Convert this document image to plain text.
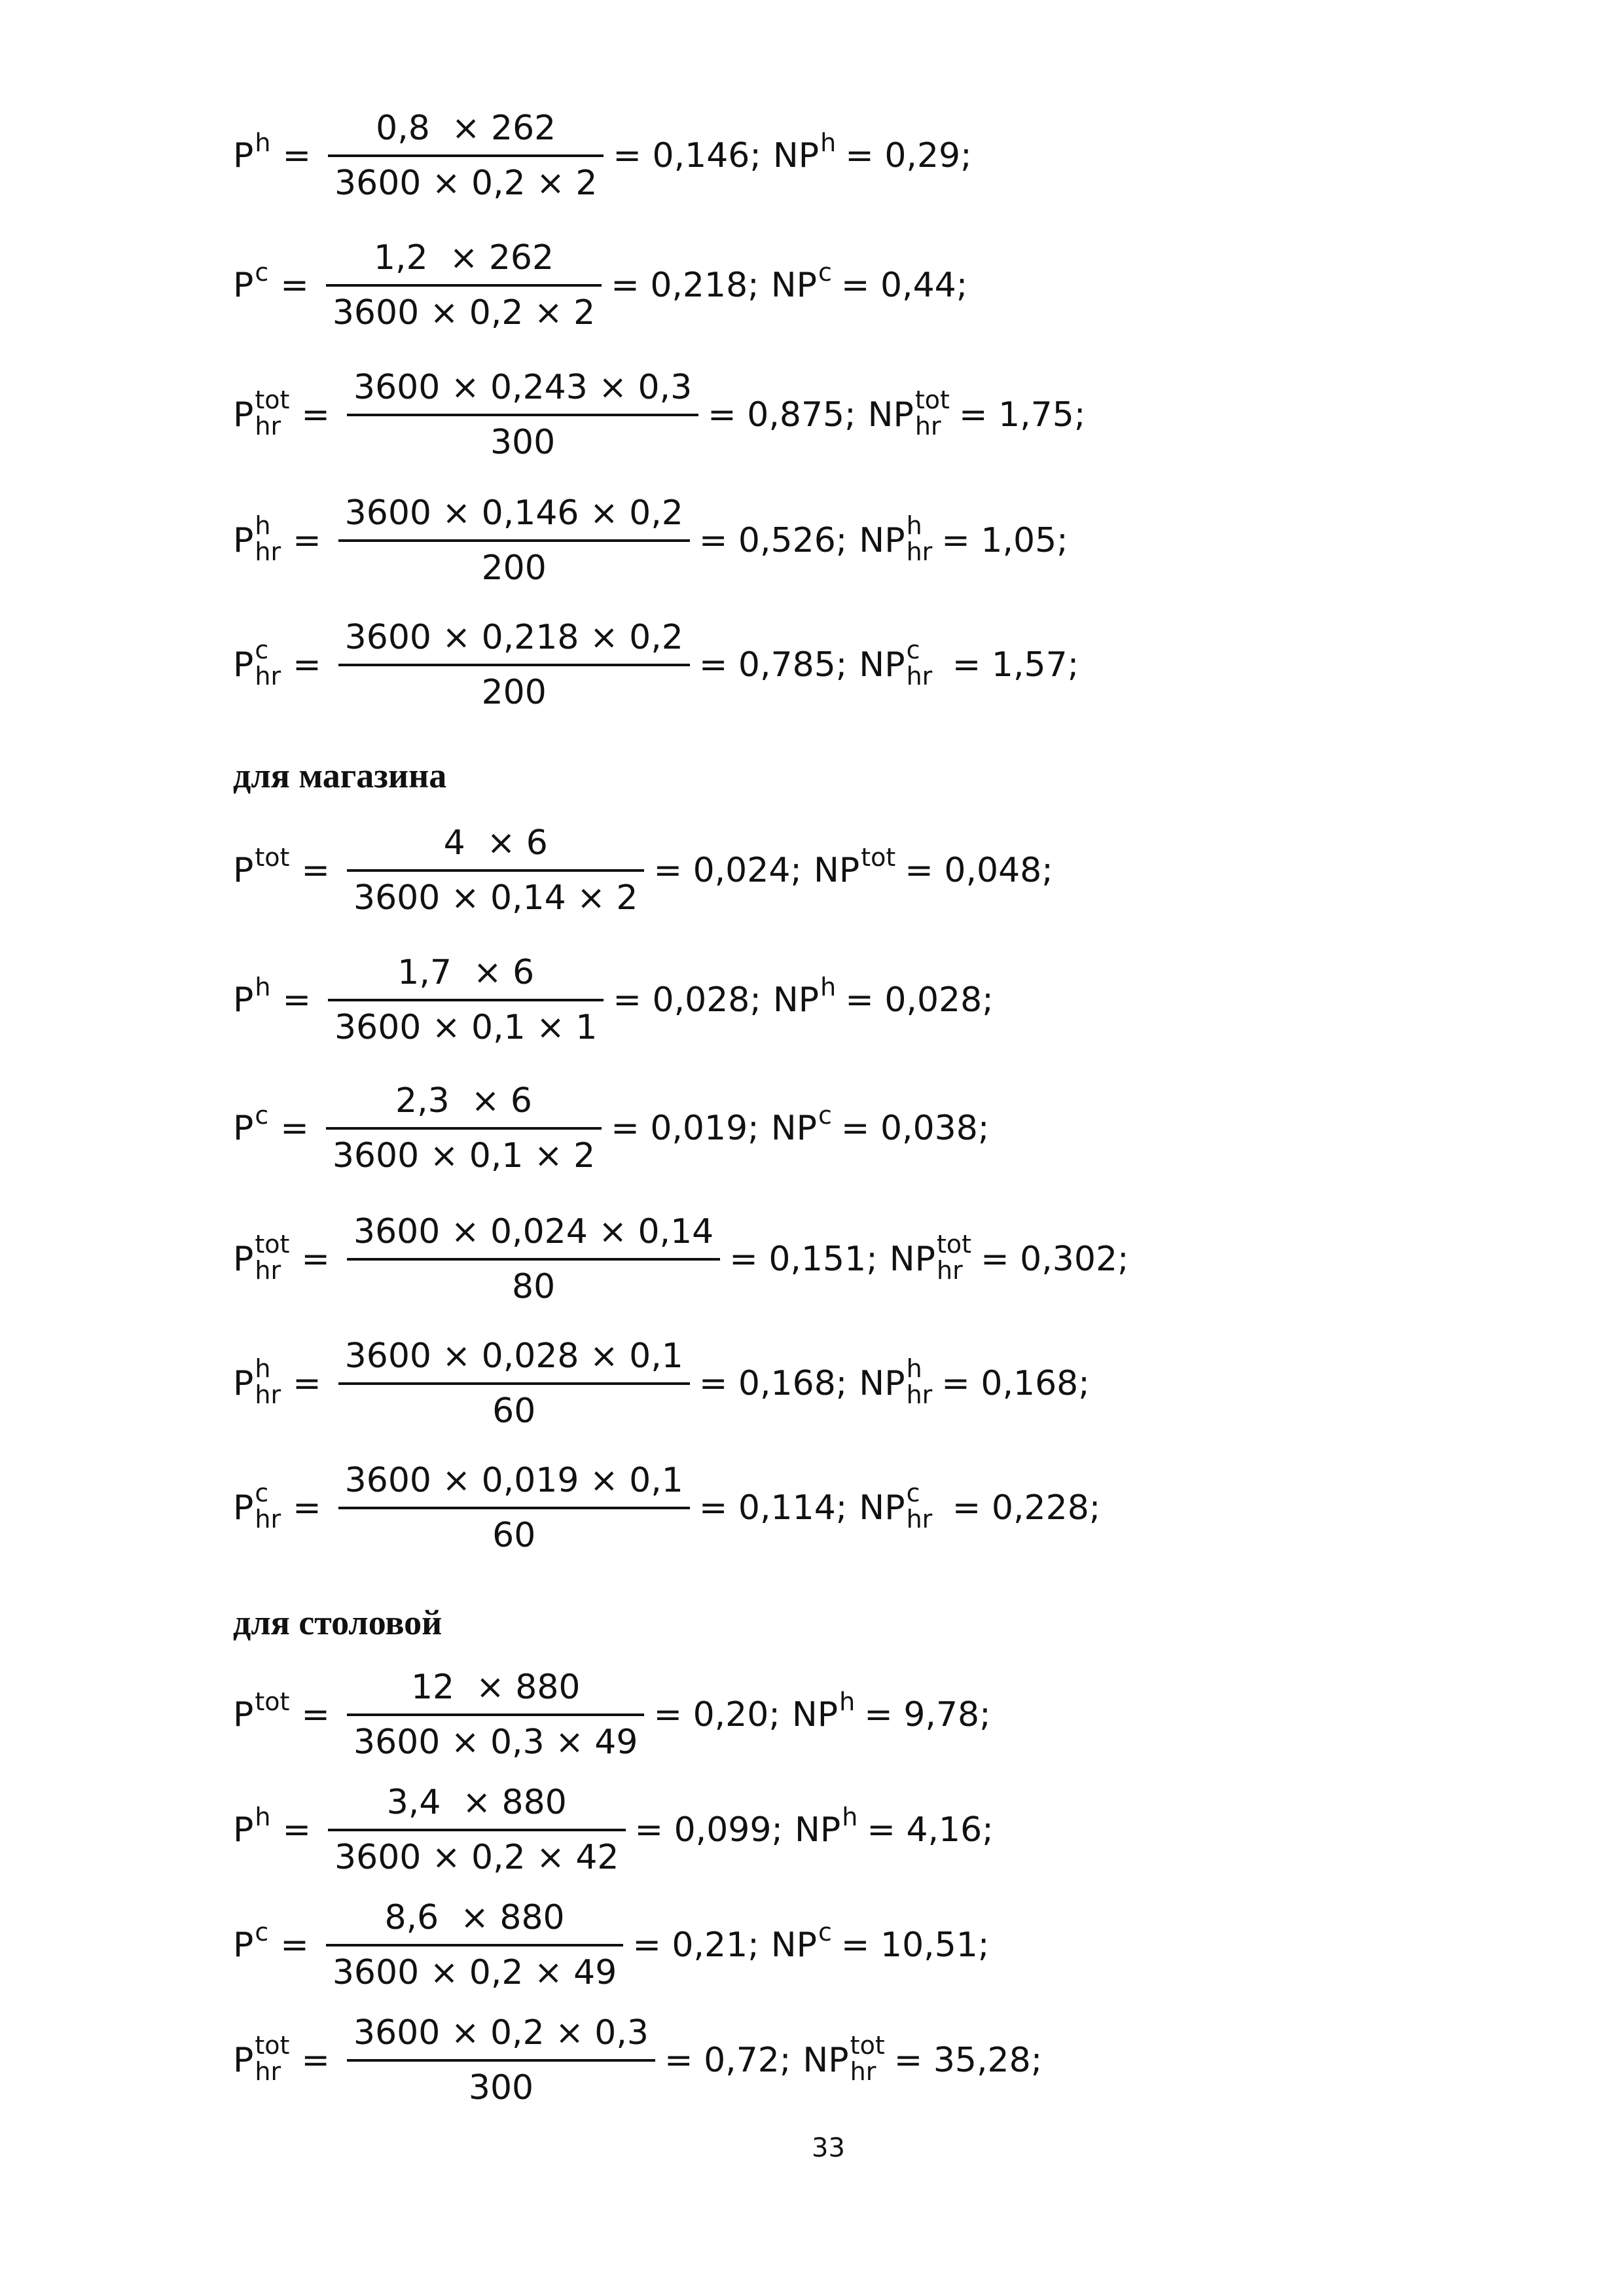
P $h = \frac{0,8 \times 262}{3600 \times 0,2 \times 2} = 0,146$; NP h = 0,29;
P $c = \frac{1,2 \times 262}{3600 \times 0,2 \times 2} = 0,218$; NP c = 0,44;
P tot
hr = $\frac{3600 \times 0,243 \times 0,3}{300} = 0,875$; NP tot
hr = 1,75;
P h
hr = $\frac{3600 \times 0,146 \times 0,2}{200} = 0,526$; NP h
hr = 1,05;
P c
hr = $\frac{3600 \times 0,218 \times 0,2}{200} = 0,785$; NP c
hr = 1,57;
для магазина
P tot = $\frac{4 \times 6}{3600 \times 0,14 \times 2} = 0,024$; NP tot = 0,048;
P $h = \frac{1,7 \times 6}{3600 \times 0,1 \times 1} = 0,028$; NP h = 0,028;
P $c = \frac{2,3 \times 6}{3600 \times 0,1 \times 2} = 0,019$; NP c = 0,038;
P tot
hr = $\frac{3600 \times 0,024 \times 0,14}{80} = 0,151$; NP tot
hr = 0,302;
P h
hr = $\frac{3600 \times 0,028 \times 0,1}{60} = 0,168$; NP h
hr = 0,168;
P c
hr = $\frac{3600 \times 0,019 \times 0,1}{60} = 0,114$; NP c
hr = 0,228;
для столовой
P tot = $\frac{12 \times 880}{3600 \times 0,3 \times 49} = 0,20$; NP h = 9,78;
P $h = \frac{3,4 \times 880}{3600 \times 0,2 \times 42} = 0,099$; NP h = 4,16;
P $c = \frac{8,6 \times 880}{3600 \times 0,2 \times 49} = 0,21$; NP c = 10,51;
P tot
hr = $\frac{3600 \times 0,2 \times 0,3}{300} = 0,72$; NP tot
hr = 35,28;
33
